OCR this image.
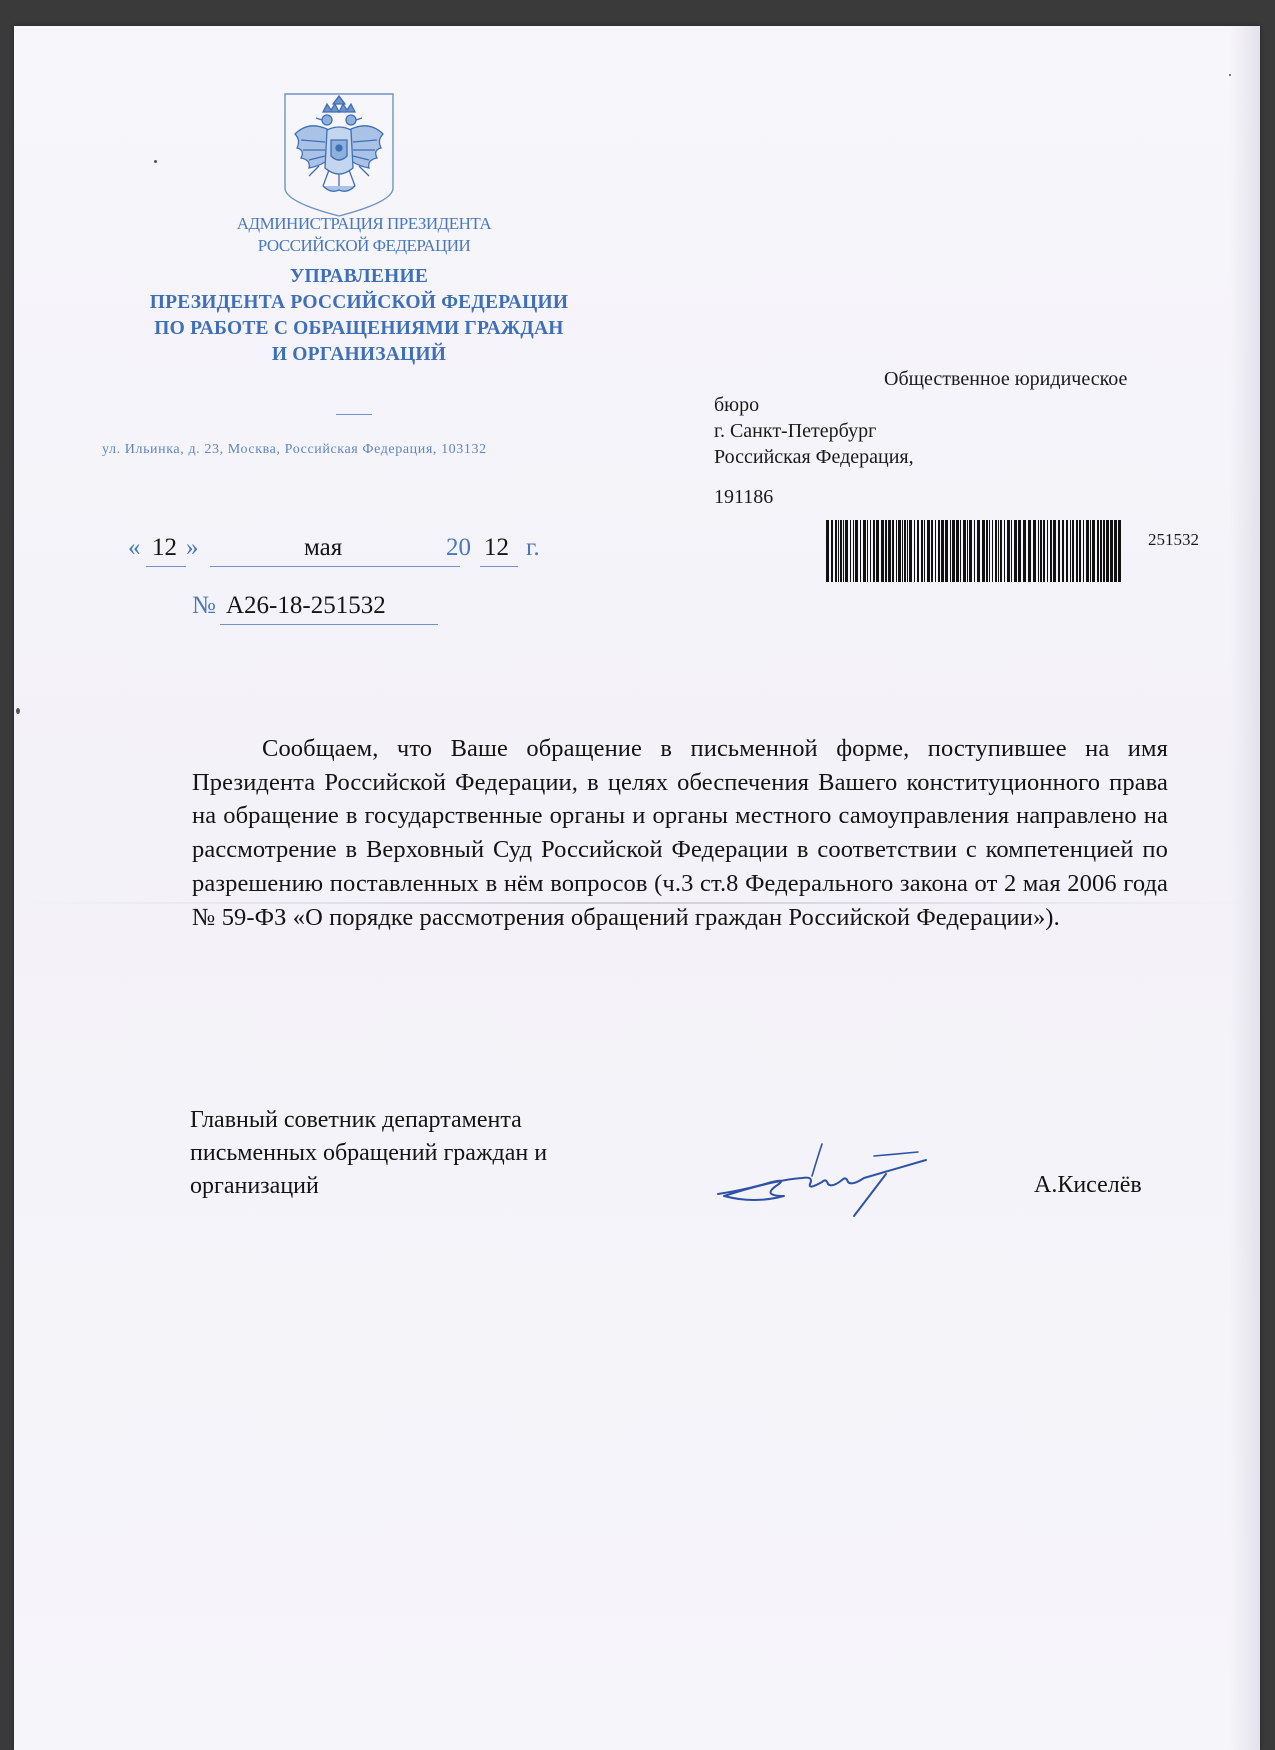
АДМИНИСТРАЦИЯ ПРЕЗИДЕНТА
РОССИЙСКОЙ ФЕДЕРАЦИИ
УПРАВЛЕНИЕ
ПРЕЗИДЕНТА РОССИЙСКОЙ ФЕДЕРАЦИИ
ПО РАБОТЕ С ОБРАЩЕНИЯМИ ГРАЖДАН
И ОРГАНИЗАЦИЙ
ул. Ильинка, д. 23, Москва, Российская Федерация, 103132
« 12 »	мая	20 12 г.
№ А26-18-251532
Общественное юридическое
бюро
г. Санкт-Петербург
Российская Федерация,
191186
251532
Сообщаем, что Ваше обращение в письменной форме, поступившее на имя Президента Российской Федерации, в целях обеспечения Вашего конституционного права на обращение в государственные органы и органы местного самоуправления направлено на рассмотрение в Верховный Суд Российской Федерации в соответствии с компетенцией по разрешению поставленных в нём вопросов (ч.3 ст.8 Федерального закона от 2 мая 2006 года № 59-ФЗ «О порядке рассмотрения обращений граждан Российской Федерации»).
Главный советник департамента
письменных обращений граждан и
организаций	А.Киселёв
